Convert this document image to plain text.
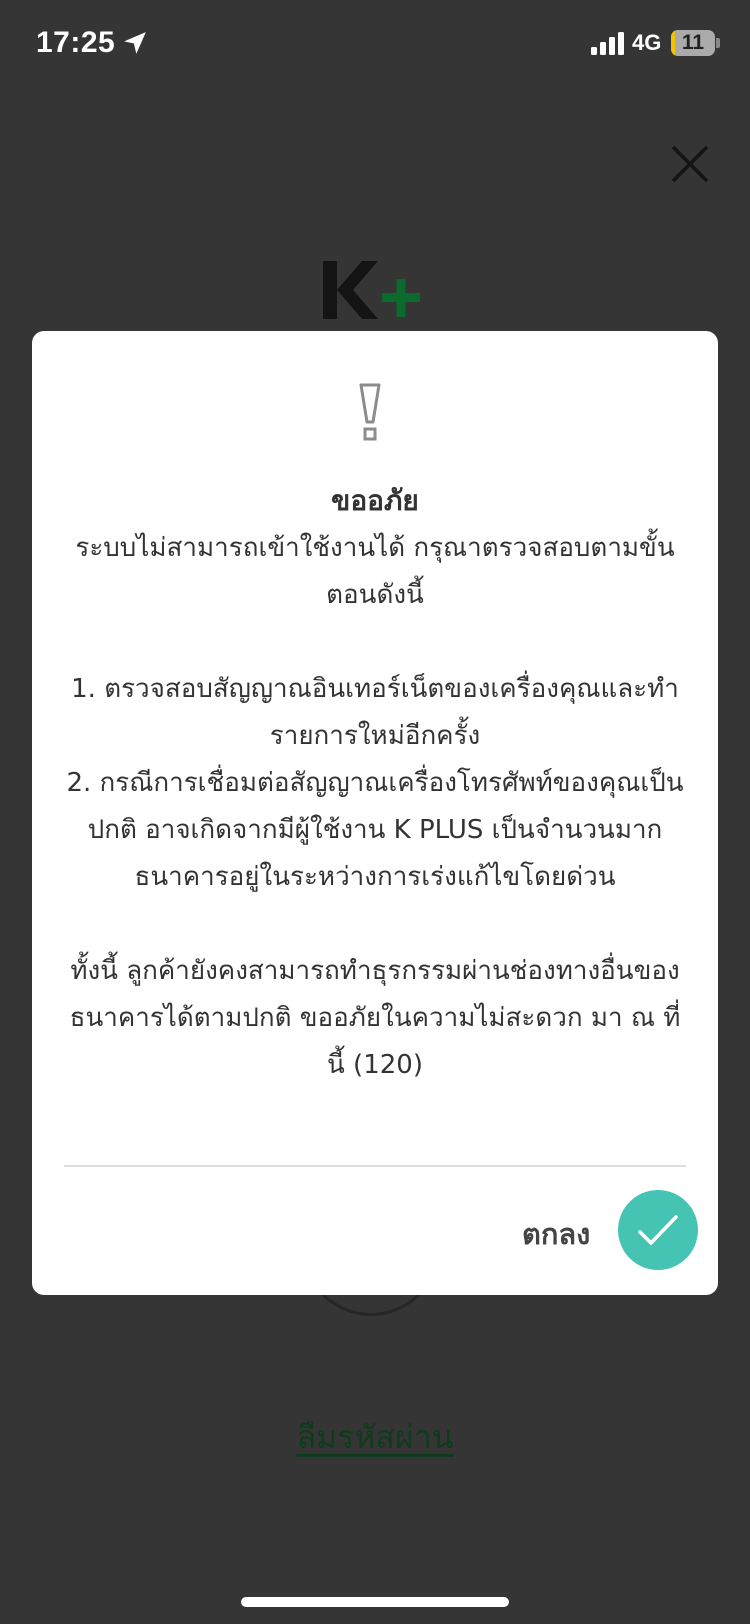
17:25	4G 11
ลืมรหัสผ่าน
ขออภัย

ระบบไม่สามารถเข้าใช้งานได้ กรุณาตรวจสอบตามขั้นตอนดังนี้

1. ตรวจสอบสัญญาณอินเทอร์เน็ตของเครื่องคุณและทำรายการใหม่อีกครั้ง

2. กรณีการเชื่อมต่อสัญญาณเครื่องโทรศัพท์ของคุณเป็นปกติ อาจเกิดจากมีผู้ใช้งาน K PLUS เป็นจำนวนมาก ธนาคารอยู่ในระหว่างการเร่งแก้ไขโดยด่วน

ทั้งนี้ ลูกค้ายังคงสามารถทำธุรกรรมผ่านช่องทางอื่นของธนาคารได้ตามปกติ ขออภัยในความไม่สะดวก มา ณ ที่นี้ (120)

ตกลง
